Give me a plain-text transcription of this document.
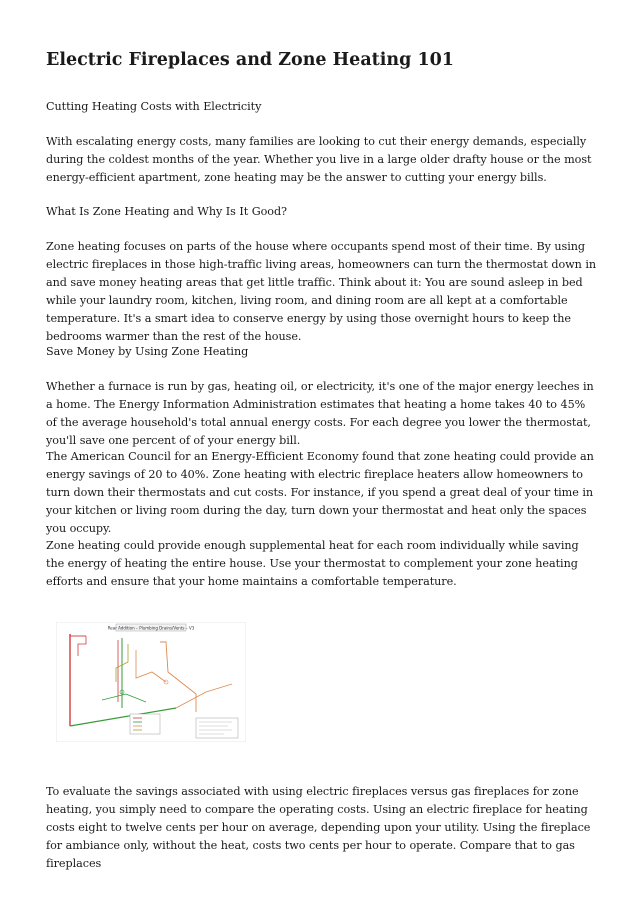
Electric Fireplaces and Zone Heating 101

Cutting Heating Costs with Electricity

With escalating energy costs, many families are looking to cut their energy demands, especially during the coldest months of the year. Whether you live in a large older drafty house or the most energy-efficient apartment, zone heating may be the answer to cutting your energy bills.

What Is Zone Heating and Why Is It Good?

Zone heating focuses on parts of the house where occupants spend most of their time. By using electric fireplaces in those high-traffic living areas, homeowners can turn the thermostat down in and save money heating areas that get little traffic. Think about it: You are sound asleep in bed while your laundry room, kitchen, living room, and dining room are all kept at a comfortable temperature. It's a smart idea to conserve energy by using those overnight hours to keep the bedrooms warmer than the rest of the house.

Save Money by Using Zone Heating

Whether a furnace is run by gas, heating oil, or electricity, it's one of the major energy leeches in a home. The Energy Information Administration estimates that heating a home takes 40 to 45% of the average household's total annual energy costs. For each degree you lower the thermostat, you'll save one percent of of your energy bill.

The American Council for an Energy-Efficient Economy found that zone heating could provide an energy savings of 20 to 40%. Zone heating with electric fireplace heaters allow homeowners to turn down their thermostats and cut costs. For instance, if you spend a great deal of your time in your kitchen or living room during the day, turn down your thermostat and heat only the spaces you occupy.

Zone heating could provide enough supplemental heat for each room individually while saving the energy of heating the entire house. Use your thermostat to complement your zone heating efforts and ensure that your home maintains a comfortable temperature.

To evaluate the savings associated with using electric fireplaces versus gas fireplaces for zone heating, you simply need to compare the operating costs. Using an electric fireplace for heating costs eight to twelve cents per hour on average, depending upon your utility. Using the fireplace for ambiance only, without the heat, costs two cents per hour to operate. Compare that to gas fireplaces

Rear Addition – Plumbing Drains/Vents – V3
